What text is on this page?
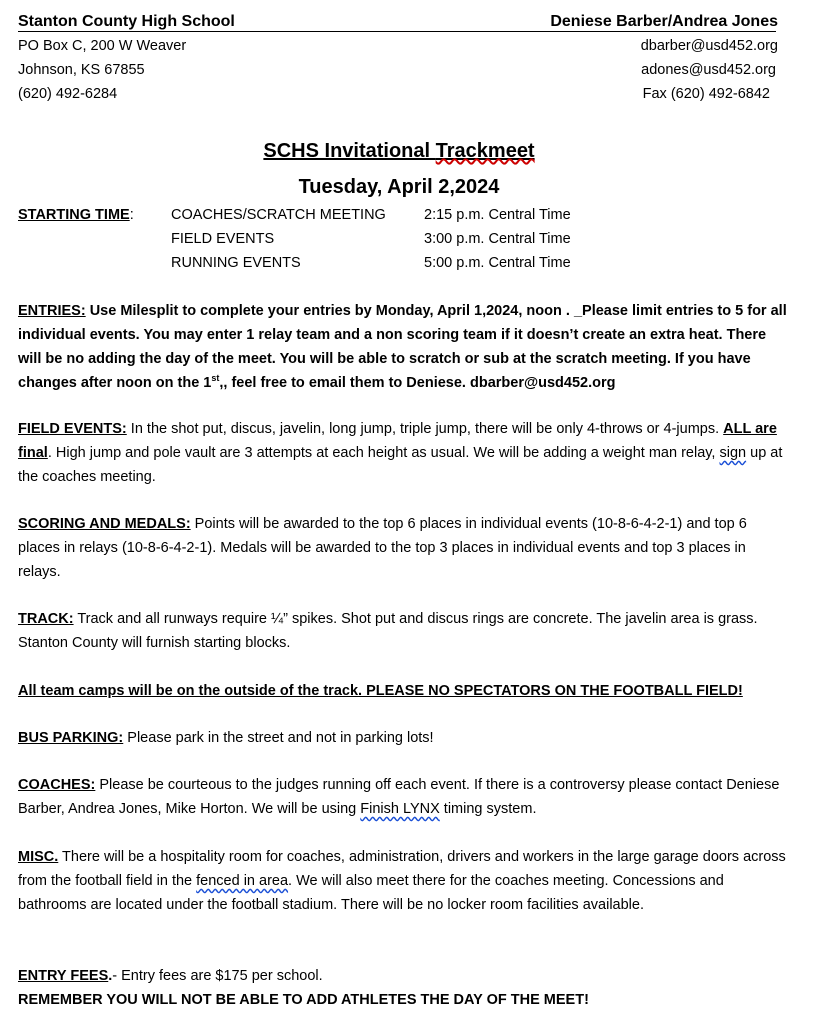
Stanton County High School
PO Box C, 200 W Weaver
Johnson, KS 67855
(620) 492-6284
Deniese Barber/Andrea Jones
dbarber@usd452.org
adones@usd452.org
Fax (620) 492-6842
SCHS Invitational Trackmeet
Tuesday, April 2,2024
STARTING TIME:	COACHES/SCRATCH MEETING	2:15 p.m. Central Time
FIELD EVENTS	3:00 p.m. Central Time
RUNNING EVENTS	5:00 p.m. Central Time

ENTRIES: Use Milesplit to complete your entries by Monday, April 1,2024, noon . _Please limit entries to 5 for all individual events. You may enter 1 relay team and a non scoring team if it doesn’t create an extra heat. There will be no adding the day of the meet. You will be able to scratch or sub at the scratch meeting. If you have changes after noon on the 1st,, feel free to email them to Deniese. dbarber@usd452.org

FIELD EVENTS: In the shot put, discus, javelin, long jump, triple jump, there will be only 4-throws or 4-jumps. ALL are final. High jump and pole vault are 3 attempts at each height as usual. We will be adding a weight man relay, sign up at the coaches meeting.

SCORING AND MEDALS: Points will be awarded to the top 6 places in individual events (10-8-6-4-2-1) and top 6 places in relays (10-8-6-4-2-1). Medals will be awarded to the top 3 places in individual events and top 3 places in relays.

TRACK: Track and all runways require ¼” spikes. Shot put and discus rings are concrete. The javelin area is grass. Stanton County will furnish starting blocks.

All team camps will be on the outside of the track. PLEASE NO SPECTATORS ON THE FOOTBALL FIELD!

BUS PARKING: Please park in the street and not in parking lots!

COACHES: Please be courteous to the judges running off each event. If there is a controversy please contact Deniese Barber, Andrea Jones, Mike Horton. We will be using Finish LYNX timing system.

MISC. There will be a hospitality room for coaches, administration, drivers and workers in the large garage doors across from the football field in the fenced in area. We will also meet there for the coaches meeting. Concessions and bathrooms are located under the football stadium. There will be no locker room facilities available.

ENTRY FEES.- Entry fees are $175 per school.

REMEMBER YOU WILL NOT BE ABLE TO ADD ATHLETES THE DAY OF THE MEET!
